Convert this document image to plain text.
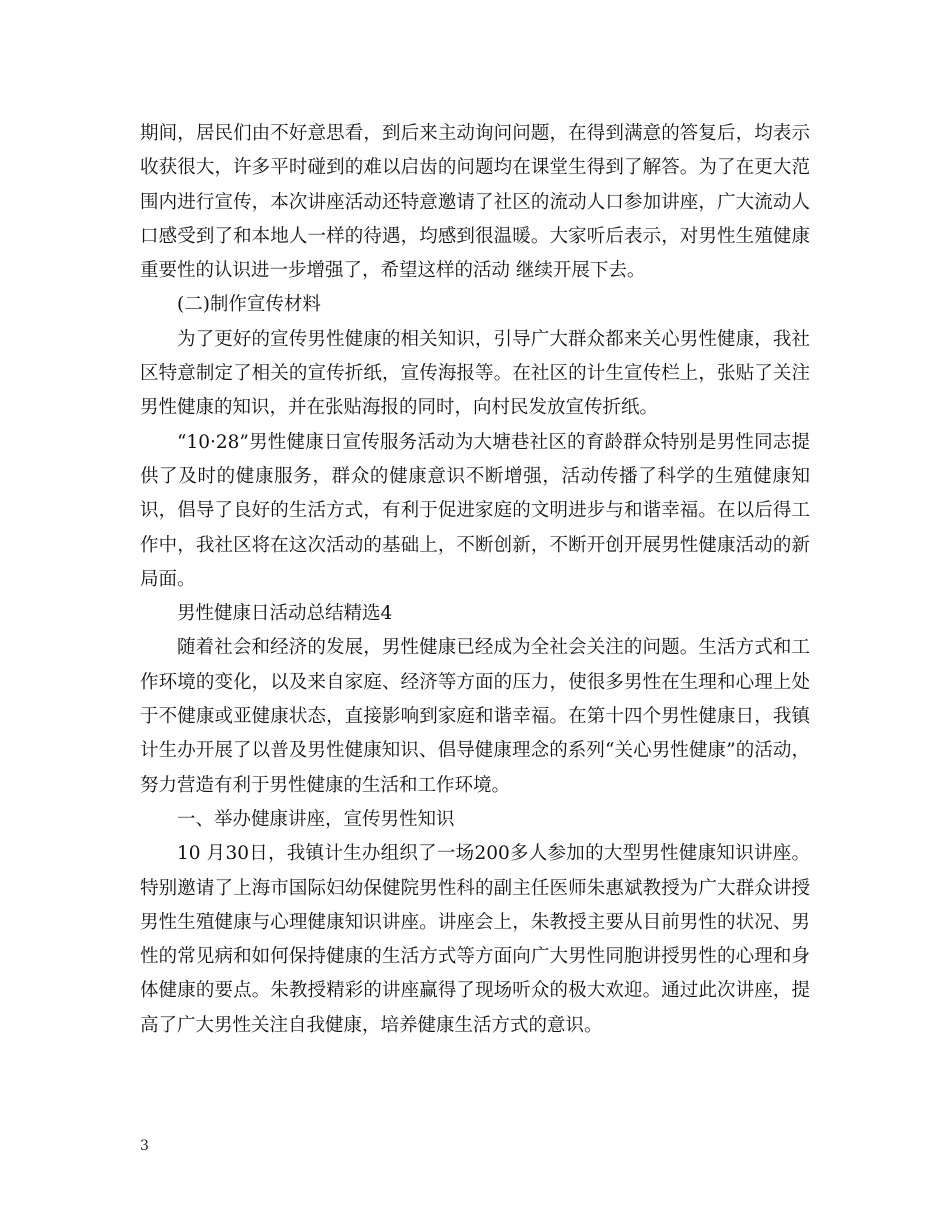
期间，居民们由不好意思看，到后来主动询问问题，在得到满意的答复后，均表示收获很大，许多平时碰到的难以启齿的问题均在课堂生得到了解答。为了在更大范围内进行宣传，本次讲座活动还特意邀请了社区的流动人口参加讲座，广大流动人口感受到了和本地人一样的待遇，均感到很温暖。大家听后表示，对男性生殖健康重要性的认识进一步增强了，希望这样的活动 继续开展下去。

(二)制作宣传材料

为了更好的宣传男性健康的相关知识，引导广大群众都来关心男性健康，我社区特意制定了相关的宣传折纸，宣传海报等。在社区的计生宣传栏上，张贴了关注男性健康的知识，并在张贴海报的同时，向村民发放宣传折纸。

“10·28”男性健康日宣传服务活动为大塘巷社区的育龄群众特别是男性同志提供了及时的健康服务，群众的健康意识不断增强，活动传播了科学的生殖健康知识，倡导了良好的生活方式，有利于促进家庭的文明进步与和谐幸福。在以后得工作中，我社区将在这次活动的基础上，不断创新，不断开创开展男性健康活动的新局面。

男性健康日活动总结精选4

随着社会和经济的发展，男性健康已经成为全社会关注的问题。生活方式和工作环境的变化，以及来自家庭、经济等方面的压力，使很多男性在生理和心理上处于不健康或亚健康状态，直接影响到家庭和谐幸福。在第十四个男性健康日，我镇计生办开展了以普及男性健康知识、倡导健康理念的系列“关心男性健康”的活动，努力营造有利于男性健康的生活和工作环境。

一、举办健康讲座，宣传男性知识

10 月30日，我镇计生办组织了一场200多人参加的大型男性健康知识讲座。特别邀请了上海市国际妇幼保健院男性科的副主任医师朱惠斌教授为广大群众讲授男性生殖健康与心理健康知识讲座。讲座会上，朱教授主要从目前男性的状况、男性的常见病和如何保持健康的生活方式等方面向广大男性同胞讲授男性的心理和身体健康的要点。朱教授精彩的讲座赢得了现场听众的极大欢迎。通过此次讲座，提高了广大男性关注自我健康，培养健康生活方式的意识。

3
